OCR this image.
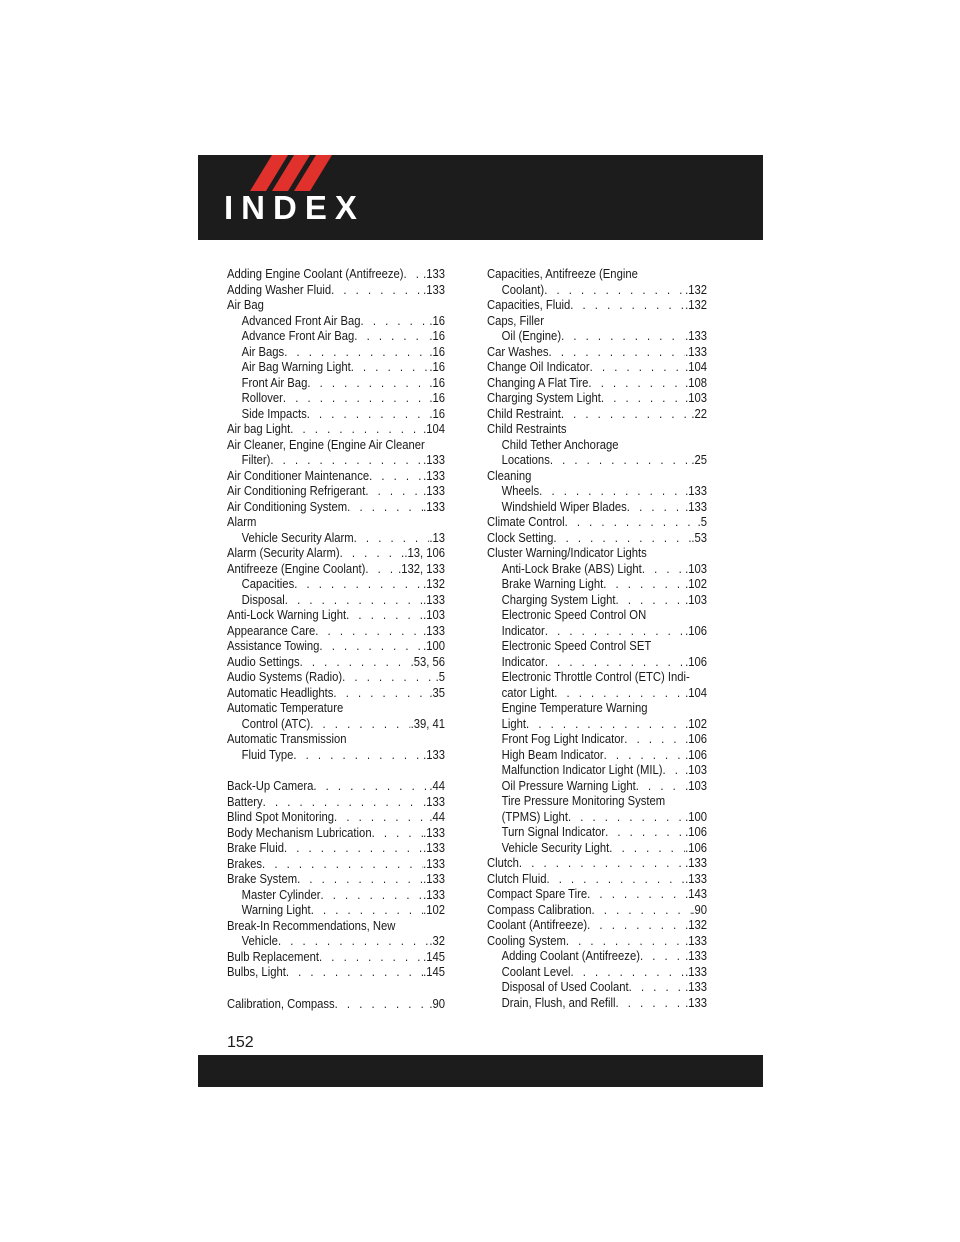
INDEX
Adding Engine Coolant (Antifreeze) . . . .133
Adding Washer Fluid . . .	.133
Air Bag
Advanced Front Air Bag . . .	.16
Advance Front Air Bag . . .	.16
Air Bags . . .	.16
Air Bag Warning Light . . .	.16
Front Air Bag . . .	.16
Rollover . . .	.16
Side Impacts . . .	.16
Air bag Light . . .	.104
Air Cleaner, Engine (Engine Air Cleaner
Filter) . . .	.133
Air Conditioner Maintenance . . .	.133
Air Conditioning Refrigerant . . .	.133
Air Conditioning System . . .	.133
Alarm
Vehicle Security Alarm . . .	.13
Alarm (Security Alarm) . . .	.13, 106
Antifreeze (Engine Coolant) . . . .132, 133
Capacities . . .	.132
Disposal . . .	.133
Anti-Lock Warning Light . . .	.103
Appearance Care . . .	.133
Assistance Towing . . .	.100
Audio Settings . . .	.53, 56
Audio Systems (Radio) . . .	.5
Automatic Headlights . . .	.35
Automatic Temperature
Control (ATC) . . .	.39, 41
Automatic Transmission
Fluid Type . . .	.133
Back-Up Camera . . .	.44
Battery . . .	.133
Blind Spot Monitoring . . .	.44
Body Mechanism Lubrication . . .	.133
Brake Fluid . . .	.133
Brakes . . .	.133
Brake System . . .	.133
Master Cylinder . . .	.133
Warning Light . . .	.102
Break-In Recommendations, New
Vehicle . . .	.32
Bulb Replacement . . .	.145
Bulbs, Light . . .	.145
Calibration, Compass . . .	.90
Capacities, Antifreeze (Engine
Coolant) . . .	.132
Capacities, Fluid . . .	.132
Caps, Filler
Oil (Engine) . . .	.133
Car Washes . . .	.133
Change Oil Indicator . . .	.104
Changing A Flat Tire . . .	.108
Charging System Light . . .	.103
Child Restraint . . .	.22
Child Restraints
Child Tether Anchorage
Locations . . .	.25
Cleaning
Wheels . . .	.133
Windshield Wiper Blades . . .	.133
Climate Control . . .	.5
Clock Setting . . .	.53
Cluster Warning/Indicator Lights
Anti-Lock Brake (ABS) Light . . .	.103
Brake Warning Light . . .	.102
Charging System Light . . .	.103
Electronic Speed Control ON
Indicator . . .	.106
Electronic Speed Control SET
Indicator . . .	.106
Electronic Throttle Control (ETC) Indi-
cator Light . . .	.104
Engine Temperature Warning
Light . . .	.102
Front Fog Light Indicator . . .	.106
High Beam Indicator . . .	.106
Malfunction Indicator Light (MIL) . . . .103
Oil Pressure Warning Light . . .	.103
Tire Pressure Monitoring System
(TPMS) Light . . .	.100
Turn Signal Indicator . . .	.106
Vehicle Security Light . . .	.106
Clutch . . .	.133
Clutch Fluid . . .	.133
Compact Spare Tire . . .	.143
Compass Calibration . . .	.90
Coolant (Antifreeze) . . .	.132
Cooling System . . .	.133
Adding Coolant (Antifreeze) . . .	.133
Coolant Level . . .	.133
Disposal of Used Coolant . . .	.133
Drain, Flush, and Refill . . .	.133
152
